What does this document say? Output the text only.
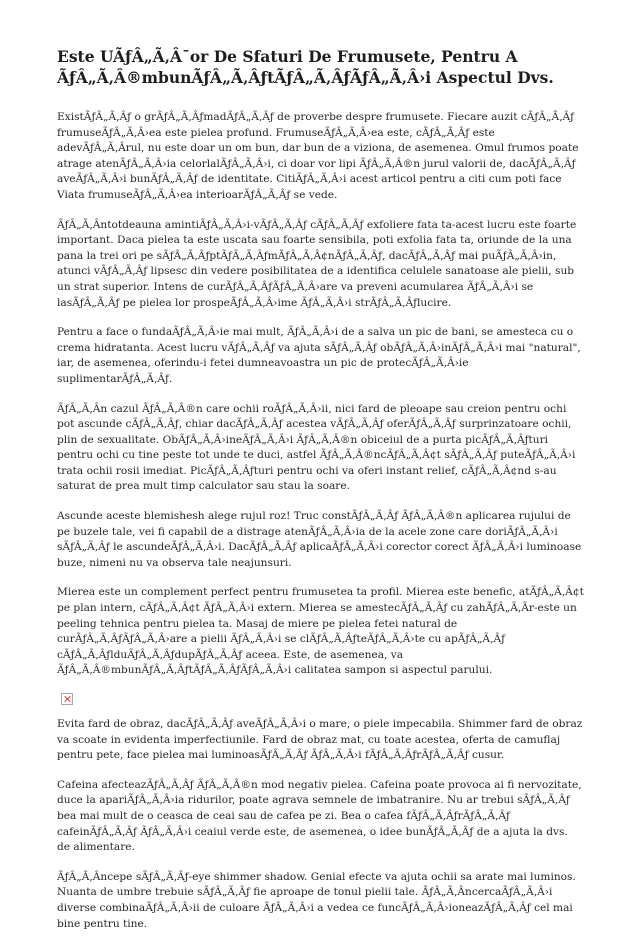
Este UÃƒÂ„Ã‚Â¯or De Sfaturi De Frumusete, Pentru A ÃƒÂ„Ã‚Â®mbunÃƒÂ„Ã‚ÂƒtÃƒÂ„Ã‚ÂƒÃƒÂ„Ã‚Â›i Aspectul Dvs.

ExistÃƒÂ„Ã‚Âƒ o grÃƒÂ„Ã‚ÂƒmadÃƒÂ„Ã‚Âƒ de proverbe despre frumusete. Fiecare auzit cÃƒÂ„Ã‚Âƒ frumuseÃƒÂ„Ã‚Â›ea este pielea profund. FrumuseÃƒÂ„Ã‚Â›ea este, cÃƒÂ„Ã‚Âƒ este adevÃƒÂ„Ã‚Ârul, nu este doar un om bun, dar bun de a viziona, de asemenea. Omul frumos poate atrage atenÃƒÂ„Ã‚Â›ia celorlalÃƒÂ„Ã‚Â›i, ci doar vor lipi ÃƒÂ„Ã‚Â®n jurul valorii de, dacÃƒÂ„Ã‚Âƒ aveÃƒÂ„Ã‚Â›i bunÃƒÂ„Ã‚Âƒ de identitate. CitiÃƒÂ„Ã‚Â›i acest articol pentru a citi cum poti face Viata frumuseÃƒÂ„Ã‚Â›ea interioarÃƒÂ„Ã‚Âƒ se vede.

ÃƒÂ„Ã‚Ântotdeauna amintiÃƒÂ„Ã‚Â›i-vÃƒÂ„Ã‚Âƒ cÃƒÂ„Ã‚Âƒ exfoliere fata ta-acest lucru este foarte important. Daca pielea ta este uscata sau foarte sensibila, poti exfolia fata ta, oriunde de la una pana la trei ori pe sÃƒÂ„Ã‚ÂƒptÃƒÂ„Ã‚ÂƒmÃƒÂ„Ã‚Â¢nÃƒÂ„Ã‚Âƒ, dacÃƒÂ„Ã‚Âƒ mai puÃƒÂ„Ã‚Â›in, atunci vÃƒÂ„Ã‚Âƒ lipsesc din vedere posibilitatea de a identifica celulele sanatoase ale pielii, sub un strat superior. Intens de curÃƒÂ„Ã‚ÂƒÃƒÂ„Ã‚Â›are va preveni acumularea ÃƒÂ„Ã‚Â›i se lasÃƒÂ„Ã‚Âƒ pe pielea lor prospeÃƒÂ„Ã‚Â›ime ÃƒÂ„Ã‚Â›i strÃƒÂ„Ã‚Âƒlucire.

Pentru a face o fundaÃƒÂ„Ã‚Â›ie mai mult, ÃƒÂ„Ã‚Â›i de a salva un pic de bani, se amesteca cu o crema hidratanta. Acest lucru vÃƒÂ„Ã‚Âƒ va ajuta sÃƒÂ„Ã‚Âƒ obÃƒÂ„Ã‚Â›inÃƒÂ„Ã‚Â›i mai "natural", iar, de asemenea, oferindu-i fetei dumneavoastra un pic de protecÃƒÂ„Ã‚Â›ie suplimentarÃƒÂ„Ã‚Âƒ.

ÃƒÂ„Ã‚Ân cazul ÃƒÂ„Ã‚Â®n care ochii roÃƒÂ„Ã‚Â›ii, nici fard de pleoape sau creion pentru ochi pot ascunde cÃƒÂ„Ã‚Âƒ, chiar dacÃƒÂ„Ã‚Âƒ acestea vÃƒÂ„Ã‚Âƒ oferÃƒÂ„Ã‚Âƒ surprinzatoare ochii, plin de sexualitate. ObÃƒÂ„Ã‚Â›ineÃƒÂ„Ã‚Â›i ÃƒÂ„Ã‚Â®n obiceiul de a purta picÃƒÂ„Ã‚Âƒturi pentru ochi cu tine peste tot unde te duci, astfel ÃƒÂ„Ã‚Â®ncÃƒÂ„Ã‚Â¢t sÃƒÂ„Ã‚Âƒ puteÃƒÂ„Ã‚Â›i trata ochii rosii imediat. PicÃƒÂ„Ã‚Âƒturi pentru ochi va oferi instant relief, cÃƒÂ„Ã‚Â¢nd s-au saturat de prea mult timp calculator sau stau la soare.

Ascunde aceste blemishesh alege rujul roz! Truc constÃƒÂ„Ã‚Âƒ ÃƒÂ„Ã‚Â®n aplicarea rujului de pe buzele tale, vei fi capabil de a distrage atenÃƒÂ„Ã‚Â›ia de la acele zone care doriÃƒÂ„Ã‚Â›i sÃƒÂ„Ã‚Âƒ le ascundeÃƒÂ„Ã‚Â›i. DacÃƒÂ„Ã‚Âƒ aplicaÃƒÂ„Ã‚Â›i corector corect ÃƒÂ„Ã‚Â›i luminoase buze, nimeni nu va observa tale neajunsuri.

Mierea este un complement perfect pentru frumusetea ta profil. Mierea este benefic, atÃƒÂ„Ã‚Â¢t pe plan intern, cÃƒÂ„Ã‚Â¢t ÃƒÂ„Ã‚Â›i extern. Mierea se amestecÃƒÂ„Ã‚Âƒ cu zahÃƒÂ„Ã‚Ãr-este un peeling tehnica pentru pielea ta. Masaj de miere pe pielea fetei natural de curÃƒÂ„Ã‚ÂƒÃƒÂ„Ã‚Â›are a pielii ÃƒÂ„Ã‚Â›i se clÃƒÂ„Ã‚ÂƒteÃƒÂ„Ã‚Â›te cu apÃƒÂ„Ã‚Âƒ cÃƒÂ„Ã‚ÂƒlduÃƒÂ„Ã‚ÂƒdupÃƒÂ„Ã‚Âƒ aceea. Este, de asemenea, va ÃƒÂ„Ã‚Â®mbunÃƒÂ„Ã‚ÂƒtÃƒÂ„Ã‚ÂƒÃƒÂ„Ã‚Â›i calitatea sampon si aspectul parului.

Evita fard de obraz, dacÃƒÂ„Ã‚Âƒ aveÃƒÂ„Ã‚Â›i o mare, o piele impecabila. Shimmer fard de obraz va scoate in evidenta imperfectiunile. Fard de obraz mat, cu toate acestea, oferta de camuflaj pentru pete, face pielea mai luminoasÃƒÂ„Ã‚Âƒ ÃƒÂ„Ã‚Â›i fÃƒÂ„Ã‚ÂƒrÃƒÂ„Ã‚Âƒ cusur.

Cafeina afecteazÃƒÂ„Ã‚Âƒ ÃƒÂ„Ã‚Â®n mod negativ pielea. Cafeina poate provoca ai fi nervozitate, duce la apariÃƒÂ„Ã‚Â›ia ridurilor, poate agrava semnele de imbatranire. Nu ar trebui sÃƒÂ„Ã‚Âƒ bea mai mult de o ceasca de ceai sau de cafea pe zi. Bea o cafea fÃƒÂ„Ã‚ÂƒrÃƒÂ„Ã‚Âƒ cafeinÃƒÂ„Ã‚Âƒ ÃƒÂ„Ã‚Â›i ceaiul verde este, de asemenea, o idee bunÃƒÂ„Ã‚Âƒ de a ajuta la dvs. de alimentare.

ÃƒÂ„Ã‚Âncepe sÃƒÂ„Ã‚Âƒ-eye shimmer shadow. Genial efecte va ajuta ochii sa arate mai luminos. Nuanta de umbre trebuie sÃƒÂ„Ã‚Âƒ fie aproape de tonul pielii tale. ÃƒÂ„Ã‚ÂncercaÃƒÂ„Ã‚Â›i diverse combinaÃƒÂ„Ã‚Â›ii de culoare ÃƒÂ„Ã‚Â›i a vedea ce funcÃƒÂ„Ã‚Â›ioneazÃƒÂ„Ã‚Âƒ cel mai bine pentru tine.
